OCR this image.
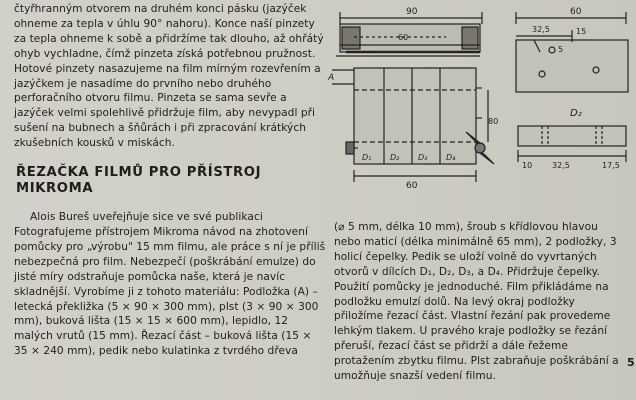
čtyřhranným otvorem na druhém konci pásku (jazýček ohneme za tepla v úhlu 90° nahoru). Konce naší pinzety za tepla ohneme k sobě a přidržíme tak dlouho, až ohřátý ohyb vychladne, čímž pinzeta získá potřebnou pružnost. Hotové pinzety nasazujeme na film mírným rozevřením a jazýčkem je nasadíme do prvního nebo druhého perforačního otvoru filmu. Pinzeta se sama sevře a jazýček velmi spolehlivě přidržuje film, aby nevypadl při sušení na bubnech a šňůrách i při zpracování krátkých zkušebních kousků v miskách.

ŘEZAČKA FILMŮ PRO PŘÍSTROJ MIKROMA

Alois Bureš uveřejňuje sice ve své publikaci Fotografujeme přístrojem Mikroma návod na zhotovení pomůcky pro „výrobu" 15 mm filmu, ale práce s ní je příliš nebezpečná pro film. Nebezpečí (poškrábání emulze) do jisté míry odstraňuje pomůcka naše, která je navíc skladnější. Vyrobíme ji z tohoto materiálu: Podložka (A) – letecká překližka (5 × 90 × 300 mm), plst (3 × 90 × 300 mm), buková lišta (15 × 15 × 600 mm), lepidlo, 12 malých vrutů (15 mm). Řezací část – buková lišta (15 × 35 × 240 mm), pedik nebo kulatinka z tvrdého dřeva

90
60
A
80
60
D₁ D₂ D₃ D₄
60
32,5	15
5
D₂
10 32,5	17,5

(⌀ 5 mm, délka 10 mm), šroub s křídlovou hlavou nebo maticí (délka minimálně 65 mm), 2 podložky, 3 holicí čepelky. Pedik se uloží volně do vyvrtaných otvorů v dílcích D₁, D₂, D₃, a D₄. Přidržuje čepelky. Použití pomůcky je jednoduché. Film přikládáme na podložku emulzí dolů. Na levý okraj podložky přiložíme řezací část. Vlastní řezání pak provedeme lehkým tlakem. U pravého kraje podložky se řezání přeruší, řezací část se přidrží a dále řežeme protažením zbytku filmu. Plst zabraňuje poškrábání a umožňuje snazší vedení filmu.

5
